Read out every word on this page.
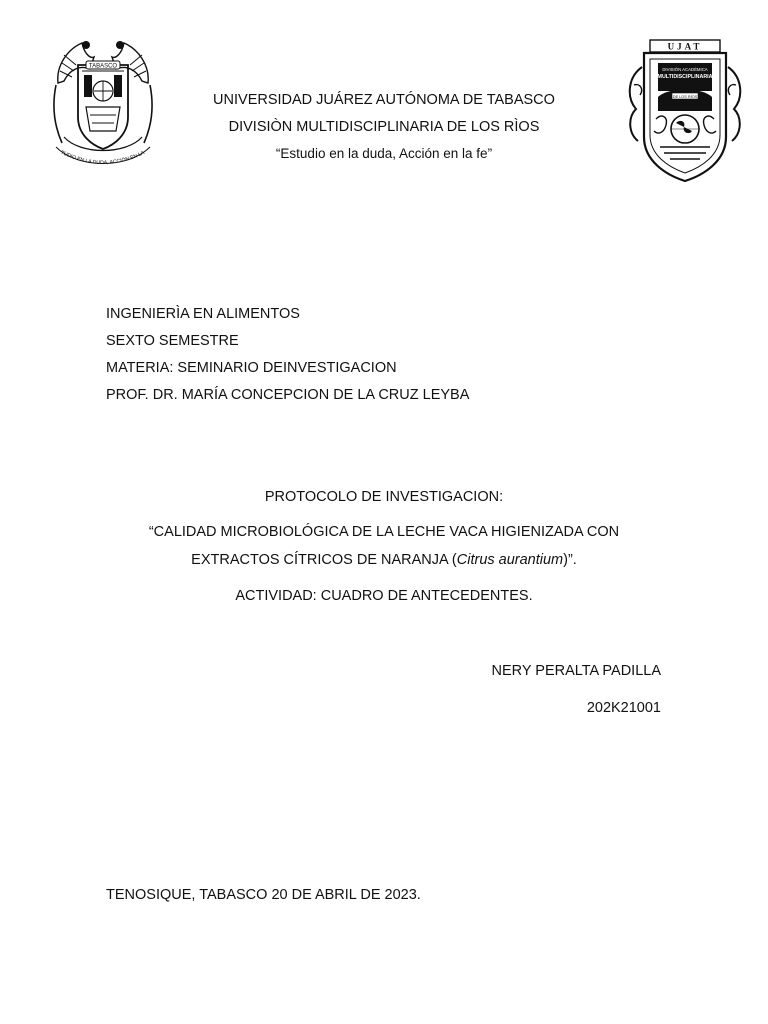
TABASCO
TUDIO EN LA DUDA, ACCIÓN EN LA
UJAT
DIVISIÓN ACADÉMICA
MULTIDISCIPLINARIA
DE LOS RÍOS
UNIVERSIDAD JUÁREZ AUTÓNOMA DE TABASCO
DIVISIÒN MULTIDISCIPLINARIA DE LOS RÌOS
“Estudio en la duda, Acción en la fe”
INGENIERÌA EN ALIMENTOS
SEXTO SEMESTRE
MATERIA: SEMINARIO DEINVESTIGACION
PROF. DR. MARÍA CONCEPCION DE LA CRUZ LEYBA
PROTOCOLO DE INVESTIGACION:
“CALIDAD MICROBIOLÓGICA DE LA LECHE VACA HIGIENIZADA CON
EXTRACTOS CÍTRICOS DE NARANJA (Citrus aurantium)”.
ACTIVIDAD: CUADRO DE ANTECEDENTES.
NERY PERALTA PADILLA
202K21001
TENOSIQUE, TABASCO 20 DE ABRIL DE 2023.
